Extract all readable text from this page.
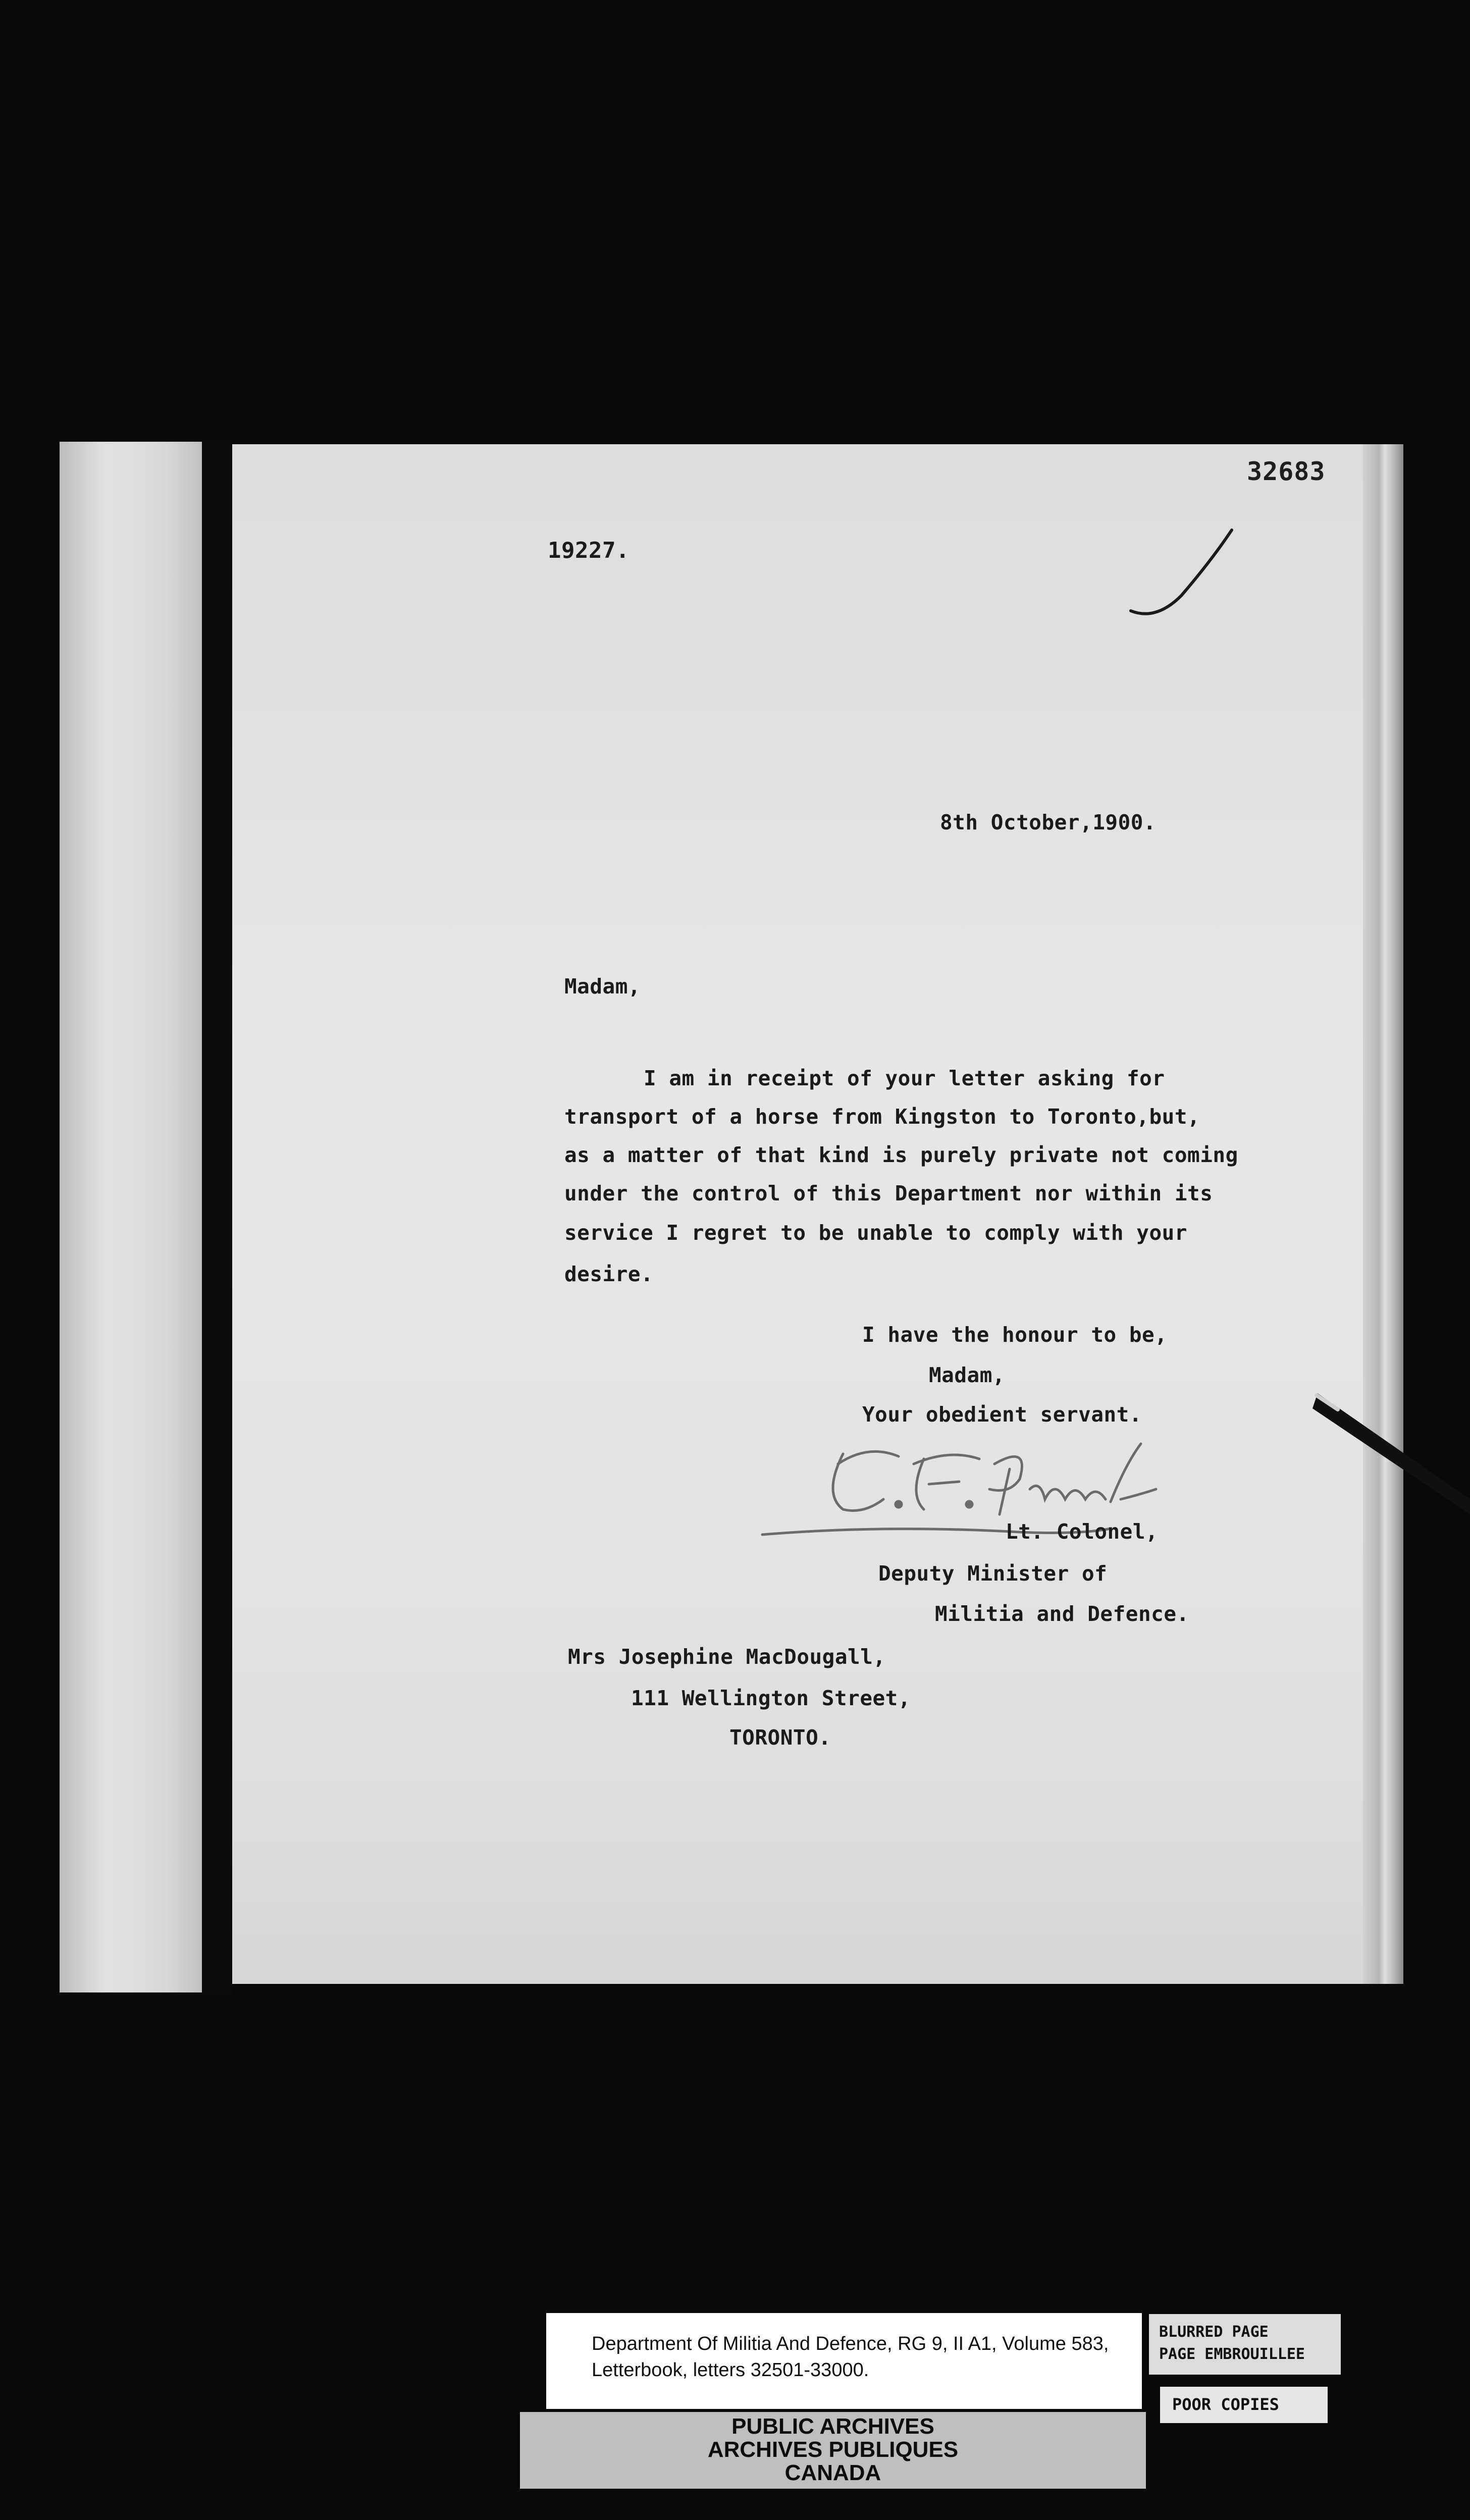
32683
19227.
8th October,1900.
Madam,
I am in receipt of your letter asking for
transport of a horse from Kingston to Toronto,but,
as a matter of that kind is purely private not coming
under the control of this Department nor within its
service I regret to be unable to comply with your
desire.
I have the honour to be,
Madam,
Your obedient servant.
Lt. Colonel,
Deputy Minister of
Militia and Defence.
Mrs Josephine MacDougall,
111 Wellington Street,
TORONTO.
Department Of Militia And Defence, RG 9, II A1, Volume 583,
Letterbook, letters 32501-33000.
BLURRED PAGE
PAGE EMBROUILLEE
POOR COPIES
PUBLIC ARCHIVES
ARCHIVES PUBLIQUES
CANADA
